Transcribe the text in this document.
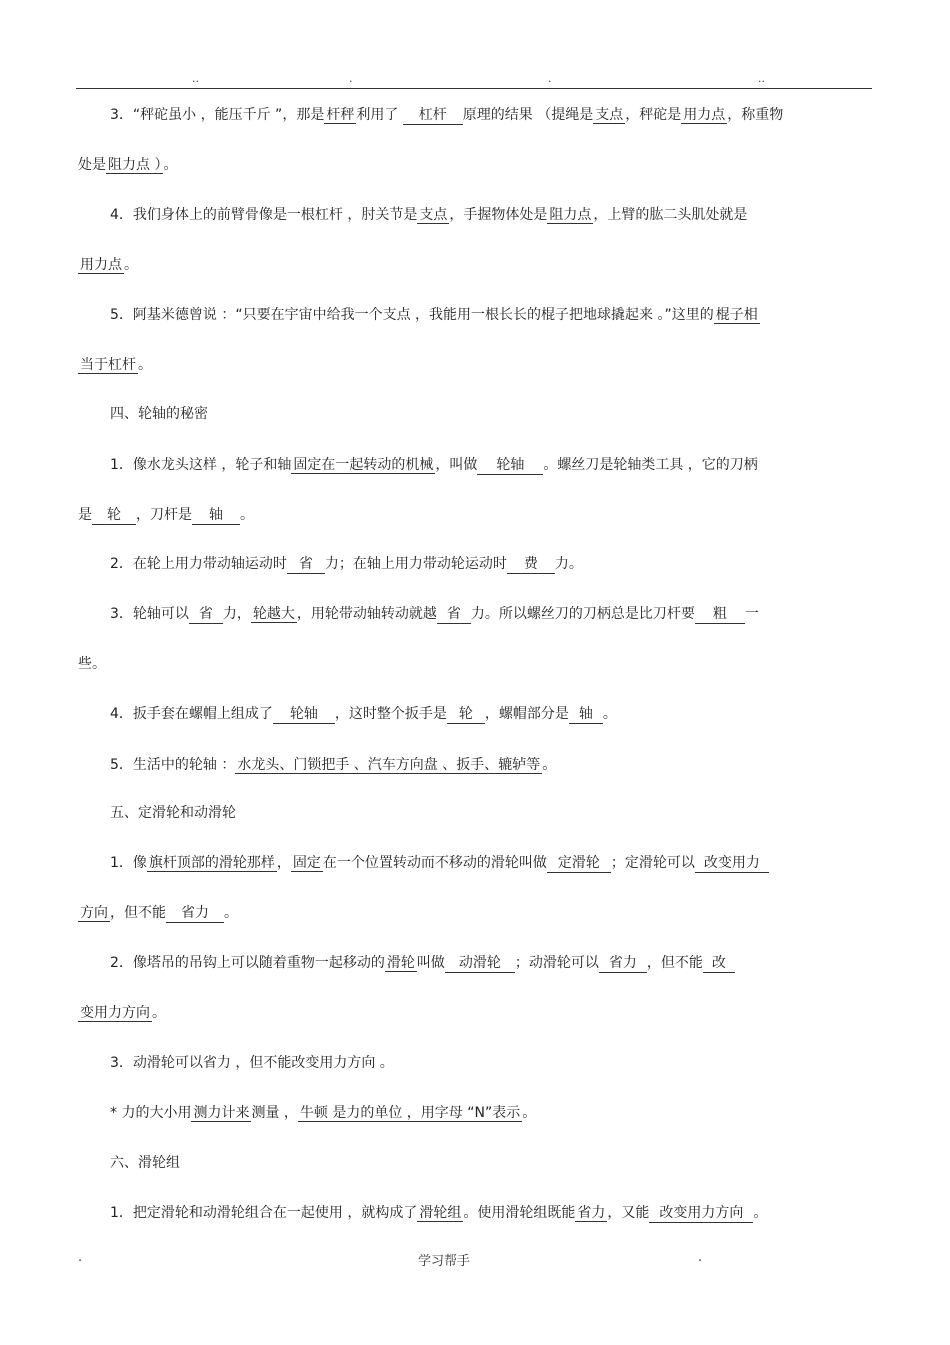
..	.	.	..
3．“秤砣虽小 ，能压千斤 ”，那是 杆秤 利用了 杠杆 原理的结果 （提绳是 支点 ，秤砣是 用力点 ，称重物
处是 阻力点 ） 。
4．我们身体上的前臂骨像是一根杠杆 ，肘关节是 支点 ，手握物体处是 阻力点 ，上臂的肱二头肌处就是
用力点 。
5．阿基米德曾说 ：“只要在宇宙中给我一个支点 ，我能用一根长长的棍子把地球撬起来 。”这里的 棍子相
当于杠杆 。
四、轮轴的秘密
1．像水龙头这样 ，轮子和轴 固定在一起转动的机械 ，叫做 轮轴 。螺丝刀是轮轴类工具 ，它的刀柄
是 轮 ，刀杆是 轴 。
2．在轮上用力带动轴运动时 省 力；在轴上用力带动轮运动时 费 力。
3．轮轴可以 省 力， 轮越大 ，用轮带动轴转动就越 省 力。所以螺丝刀的刀柄总是比刀杆要 粗 一
些。
4．扳手套在螺帽上组成了 轮轴 ，这时整个扳手是 轮 ，螺帽部分是 轴 。
5．生活中的轮轴 ： 水龙头、门锁把手 、汽车方向盘 、扳手、辘轳等 。
五、定滑轮和动滑轮
1．像 旗杆顶部的滑轮那样 ， 固定 在一个位置转动而不移动的滑轮叫做 定滑轮 ；定滑轮可以 改变用力
方向 ，但不能 省力 。
2．像塔吊的吊钩上可以随着重物一起移动的 滑轮 叫做 动滑轮 ；动滑轮可以 省力 ，但不能 改
变用力方向 。
3．动滑轮可以省力 ，但不能改变用力方向 。
* 力的大小用 测力计来 测量 ， 牛顿 是力的单位 ，用字母 “N”表示 。
六、滑轮组
1．把定滑轮和动滑轮组合在一起使用 ，就构成了 滑轮组 。使用滑轮组既能 省力 ，又能 改变用力方向 。
.	学习帮手	.
